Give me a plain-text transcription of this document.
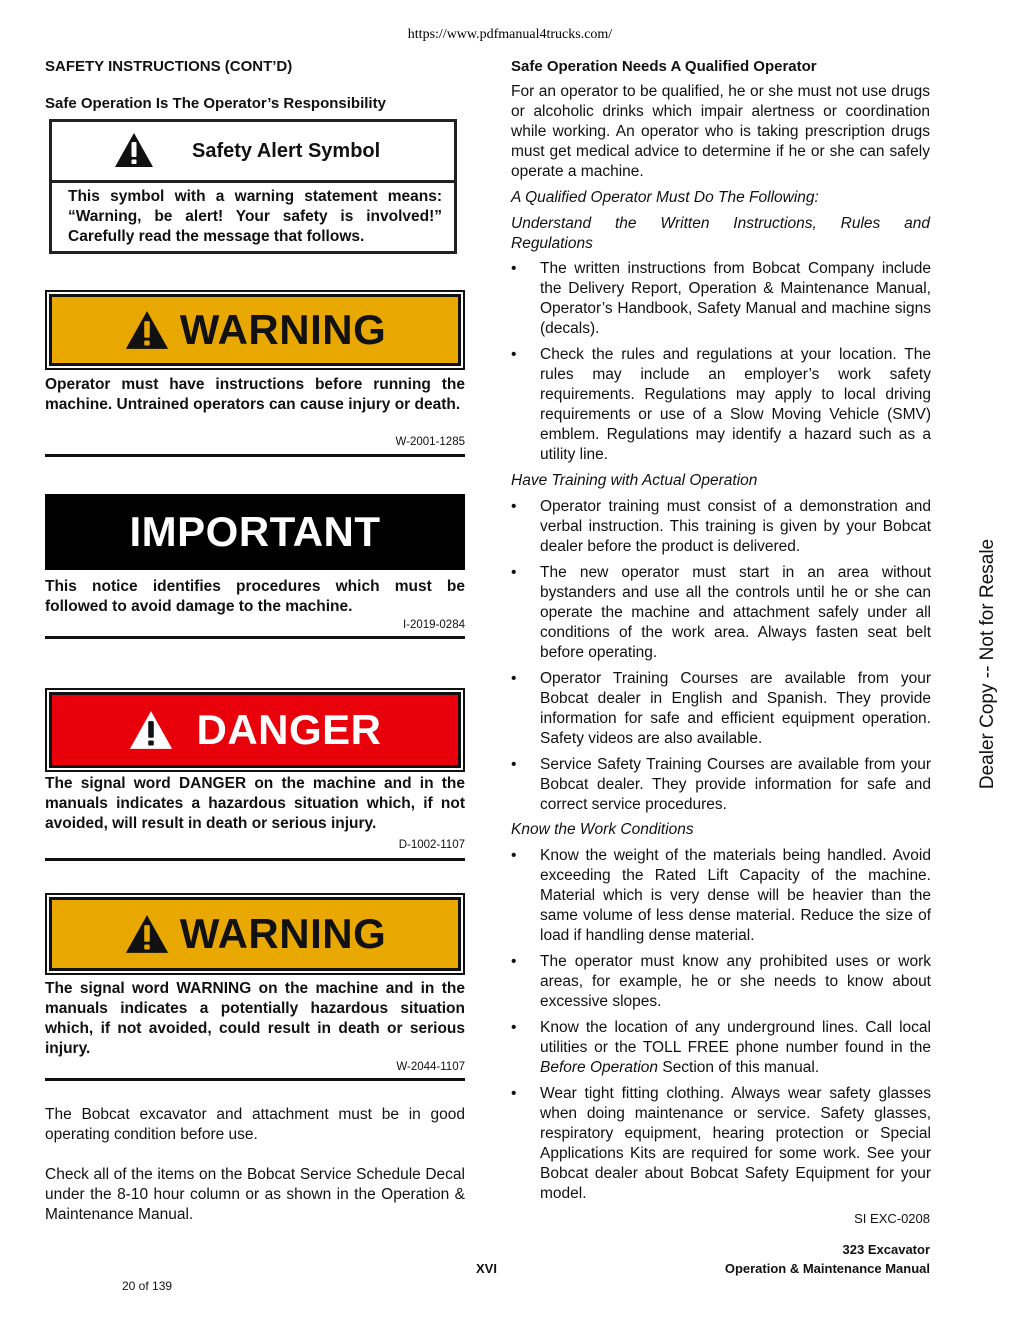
https://www.pdfmanual4trucks.com/
SAFETY INSTRUCTIONS (CONT’D)
Safe Operation Is The Operator’s Responsibility
Safety Alert Symbol
This symbol with a warning statement means: “Warning, be alert! Your safety is involved!” Carefully read the message that follows.
WARNING
Operator must have instructions before running the machine. Untrained operators can cause injury or death.
W-2001-1285
IMPORTANT
This notice identifies procedures which must be followed to avoid damage to the machine.
I-2019-0284
DANGER
The signal word DANGER on the machine and in the manuals indicates a hazardous situation which, if not avoided, will result in death or serious injury.
D-1002-1107
WARNING
The signal word WARNING on the machine and in the manuals indicates a potentially hazardous situation which, if not avoided, could result in death or serious injury.
W-2044-1107
The Bobcat excavator and attachment must be in good operating condition before use.
Check all of the items on the Bobcat Service Schedule Decal under the 8-10 hour column or as shown in the Operation & Maintenance Manual.
Safe Operation Needs A Qualified Operator
For an operator to be qualified, he or she must not use drugs or alcoholic drinks which impair alertness or coordination while working. An operator who is taking prescription drugs must get medical advice to determine if he or she can safely operate a machine.
A Qualified Operator Must Do The Following:
Understand the Written Instructions, Rules and
Regulations
• The written instructions from Bobcat Company include the Delivery Report, Operation & Maintenance Manual, Operator’s Handbook, Safety Manual and machine signs (decals).
• Check the rules and regulations at your location. The rules may include an employer’s work safety requirements. Regulations may apply to local driving requirements or use of a Slow Moving Vehicle (SMV) emblem. Regulations may identify a hazard such as a utility line.
Have Training with Actual Operation
• Operator training must consist of a demonstration and verbal instruction. This training is given by your Bobcat dealer before the product is delivered.
• The new operator must start in an area without bystanders and use all the controls until he or she can operate the machine and attachment safely under all conditions of the work area. Always fasten seat belt before operating.
• Operator Training Courses are available from your Bobcat dealer in English and Spanish. They provide information for safe and efficient equipment operation. Safety videos are also available.
• Service Safety Training Courses are available from your Bobcat dealer. They provide information for safe and correct service procedures.
Know the Work Conditions
• Know the weight of the materials being handled. Avoid exceeding the Rated Lift Capacity of the machine. Material which is very dense will be heavier than the same volume of less dense material. Reduce the size of load if handling dense material.
• The operator must know any prohibited uses or work areas, for example, he or she needs to know about excessive slopes.
• Know the location of any underground lines. Call local utilities or the TOLL FREE phone number found in the Before Operation Section of this manual.
• Wear tight fitting clothing. Always wear safety glasses when doing maintenance or service. Safety glasses, respiratory equipment, hearing protection or Special Applications Kits are required for some work. See your Bobcat dealer about Bobcat Safety Equipment for your model.
SI EXC-0208
Dealer Copy -- Not for Resale
XVI
323 Excavator
Operation & Maintenance Manual
20 of 139
